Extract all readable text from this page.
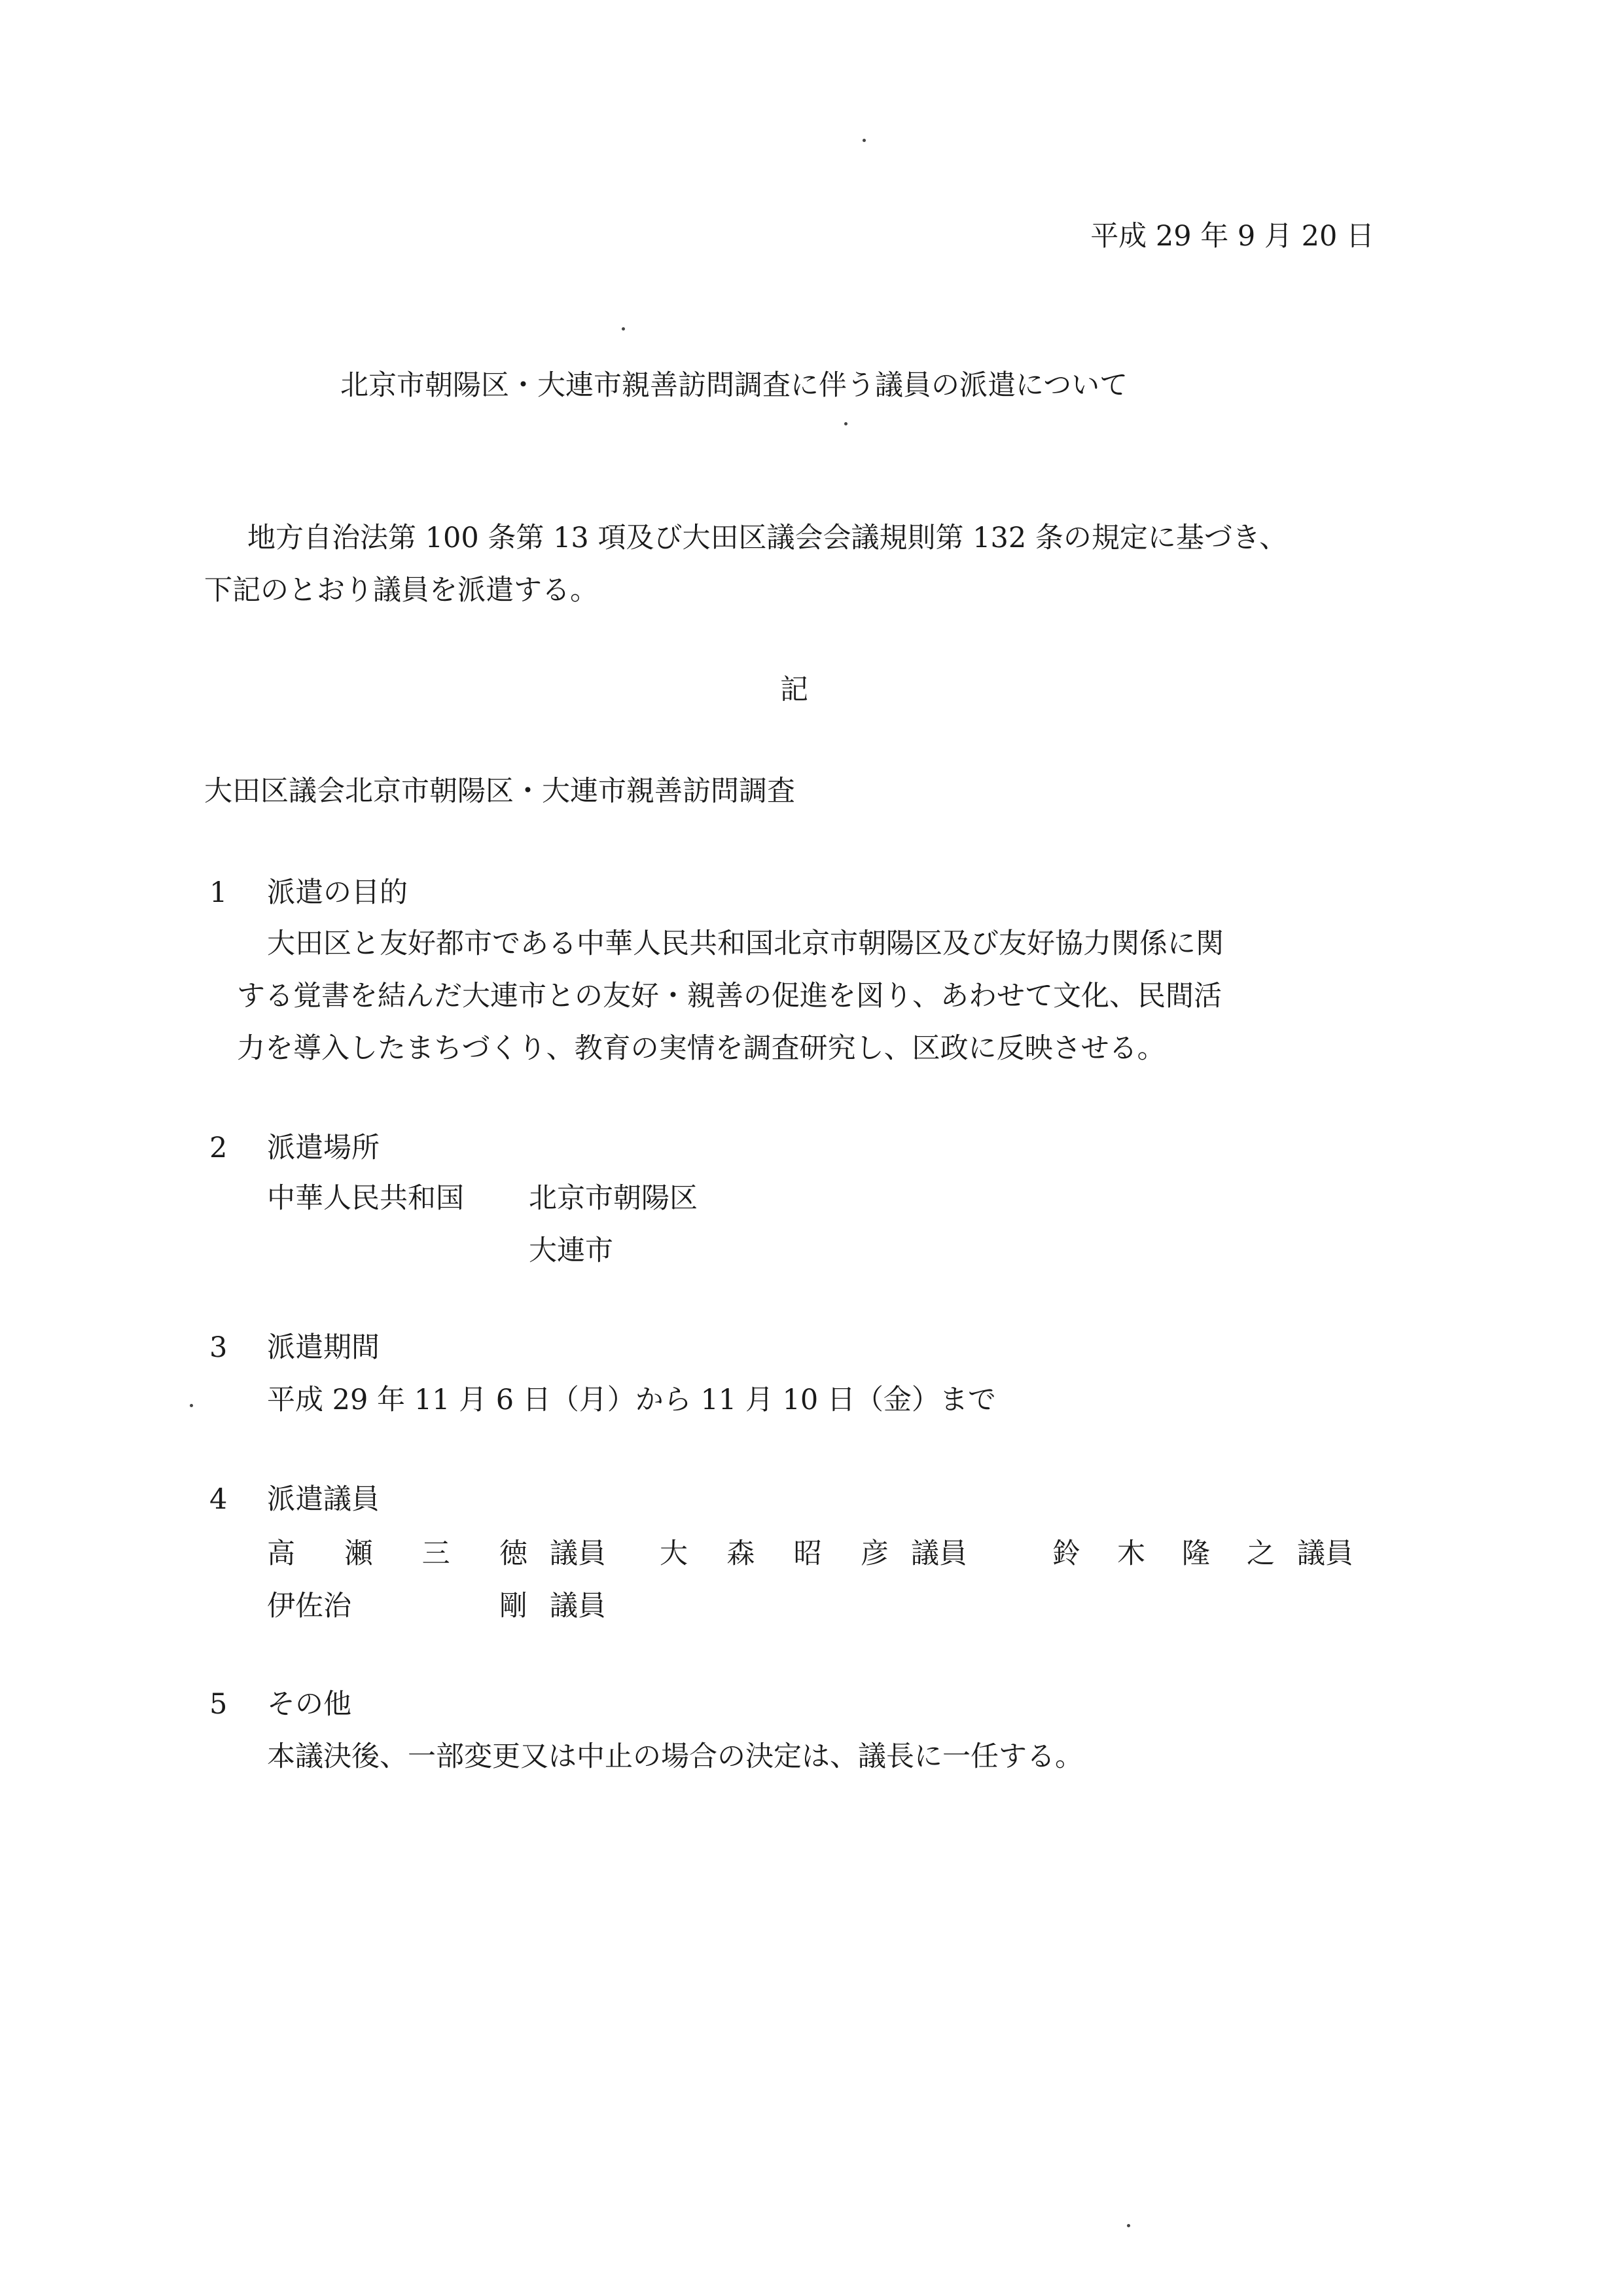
平成 29 年 9 月 20 日
北京市朝陽区・大連市親善訪問調査に伴う議員の派遣について
地方自治法第 100 条第 13 項及び大田区議会会議規則第 132 条の規定に基づき、
下記のとおり議員を派遣する。
記
大田区議会北京市朝陽区・大連市親善訪問調査
1 派遣の目的
大田区と友好都市である中華人民共和国北京市朝陽区及び友好協力関係に関
する覚書を結んだ大連市との友好・親善の促進を図り、あわせて文化、民間活
力を導入したまちづくり、教育の実情を調査研究し、区政に反映させる。
2 派遣場所
中華人民共和国 北京市朝陽区
大連市
3 派遣期間
平成 29 年 11 月 6 日（月）から 11 月 10 日（金）まで
4 派遣議員
高 瀬 三 徳 議員 大 森 昭 彦 議員	鈴 木 隆 之 議員
伊佐治	剛 議員
5 その他
本議決後、一部変更又は中止の場合の決定は、議長に一任する。
